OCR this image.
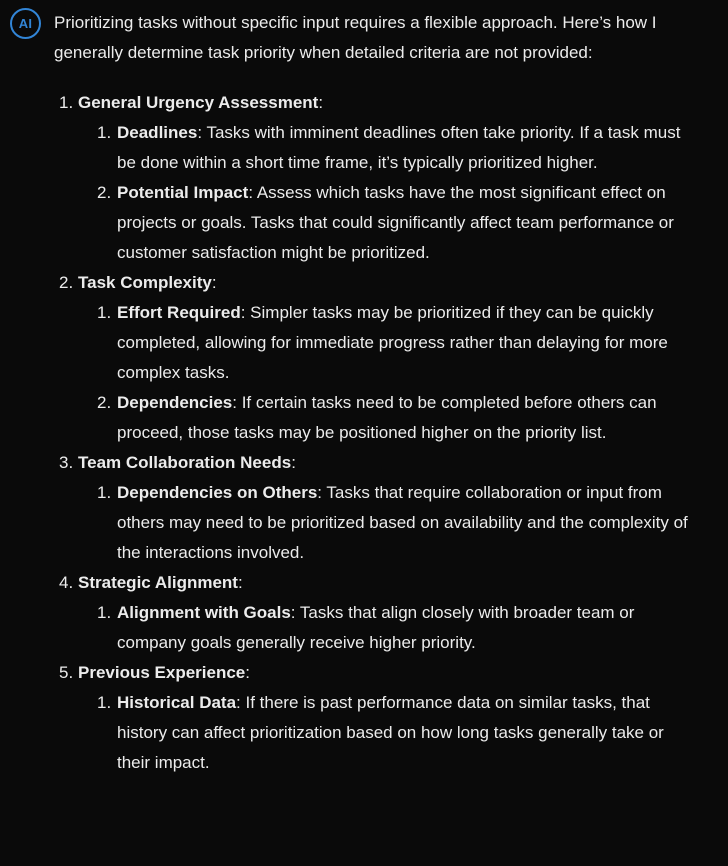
AI Prioritizing tasks without specific input requires a flexible approach. Here’s how I generally determine task priority when detailed criteria are not provided:

1. General Urgency Assessment:
1. Deadlines: Tasks with imminent deadlines often take priority. If a task must be done within a short time frame, it’s typically prioritized higher.
2. Potential Impact: Assess which tasks have the most significant effect on projects or goals. Tasks that could significantly affect team performance or customer satisfaction might be prioritized.
2. Task Complexity:
1. Effort Required: Simpler tasks may be prioritized if they can be quickly completed, allowing for immediate progress rather than delaying for more complex tasks.
2. Dependencies: If certain tasks need to be completed before others can proceed, those tasks may be positioned higher on the priority list.
3. Team Collaboration Needs:
1. Dependencies on Others: Tasks that require collaboration or input from others may need to be prioritized based on availability and the complexity of the interactions involved.
4. Strategic Alignment:
1. Alignment with Goals: Tasks that align closely with broader team or company goals generally receive higher priority.
5. Previous Experience:
1. Historical Data: If there is past performance data on similar tasks, that history can affect prioritization based on how long tasks generally take or their impact.
